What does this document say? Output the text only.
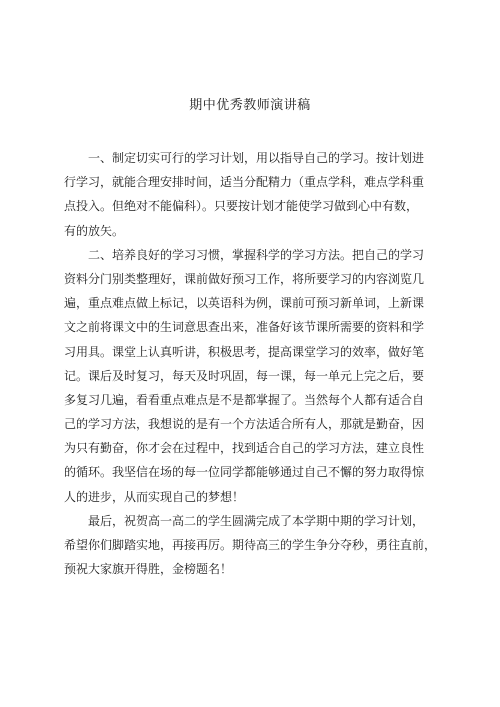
期中优秀教师演讲稿
一、制定切实可行的学习计划，用以指导自己的学习。按计划进
行学习，就能合理安排时间，适当分配精力（重点学科，难点学科重
点投入。但绝对不能偏科）。只要按计划才能使学习做到心中有数，
有的放矢。
二、培养良好的学习习惯，掌握科学的学习方法。把自己的学习
资料分门别类整理好，课前做好预习工作，将所要学习的内容浏览几
遍，重点难点做上标记，以英语科为例，课前可预习新单词，上新课
文之前将课文中的生词意思查出来，准备好该节课所需要的资料和学
习用具。课堂上认真听讲，积极思考，提高课堂学习的效率，做好笔
记。课后及时复习，每天及时巩固，每一课，每一单元上完之后，要
多复习几遍，看看重点难点是不是都掌握了。当然每个人都有适合自
己的学习方法，我想说的是有一个方法适合所有人，那就是勤奋，因
为只有勤奋，你才会在过程中，找到适合自己的学习方法，建立良性
的循环。我坚信在场的每一位同学都能够通过自己不懈的努力取得惊
人的进步，从而实现自己的梦想！
最后，祝贺高一高二的学生圆满完成了本学期中期的学习计划，
希望你们脚踏实地，再接再厉。期待高三的学生争分夺秒，勇往直前，
预祝大家旗开得胜，金榜题名！
